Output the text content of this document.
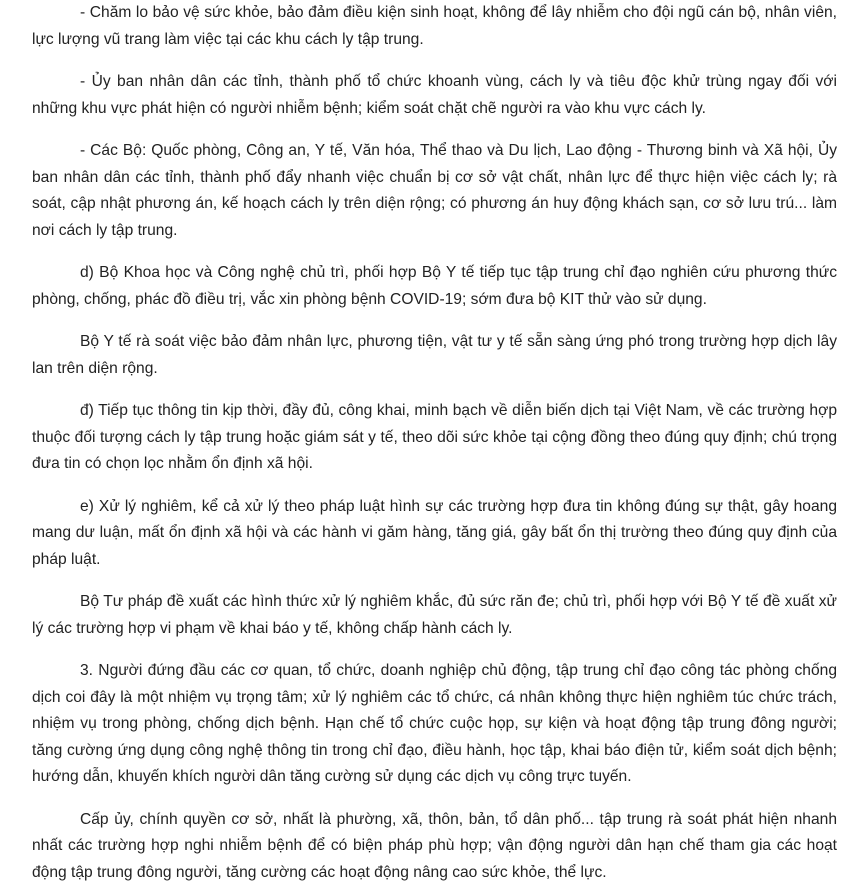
- Chăm lo bảo vệ sức khỏe, bảo đảm điều kiện sinh hoạt, không để lây nhiễm cho đội ngũ cán bộ, nhân viên, lực lượng vũ trang làm việc tại các khu cách ly tập trung.

- Ủy ban nhân dân các tỉnh, thành phố tổ chức khoanh vùng, cách ly và tiêu độc khử trùng ngay đối với những khu vực phát hiện có người nhiễm bệnh; kiểm soát chặt chẽ người ra vào khu vực cách ly.

- Các Bộ: Quốc phòng, Công an, Y tế, Văn hóa, Thể thao và Du lịch, Lao động - Thương binh và Xã hội, Ủy ban nhân dân các tỉnh, thành phố đẩy nhanh việc chuẩn bị cơ sở vật chất, nhân lực để thực hiện việc cách ly; rà soát, cập nhật phương án, kế hoạch cách ly trên diện rộng; có phương án huy động khách sạn, cơ sở lưu trú... làm nơi cách ly tập trung.

d) Bộ Khoa học và Công nghệ chủ trì, phối hợp Bộ Y tế tiếp tục tập trung chỉ đạo nghiên cứu phương thức phòng, chống, phác đồ điều trị, vắc xin phòng bệnh COVID-19; sớm đưa bộ KIT thử vào sử dụng.

Bộ Y tế rà soát việc bảo đảm nhân lực, phương tiện, vật tư y tế sẵn sàng ứng phó trong trường hợp dịch lây lan trên diện rộng.

đ) Tiếp tục thông tin kịp thời, đầy đủ, công khai, minh bạch về diễn biến dịch tại Việt Nam, về các trường hợp thuộc đối tượng cách ly tập trung hoặc giám sát y tế, theo dõi sức khỏe tại cộng đồng theo đúng quy định; chú trọng đưa tin có chọn lọc nhằm ổn định xã hội.

e) Xử lý nghiêm, kể cả xử lý theo pháp luật hình sự các trường hợp đưa tin không đúng sự thật, gây hoang mang dư luận, mất ổn định xã hội và các hành vi găm hàng, tăng giá, gây bất ổn thị trường theo đúng quy định của pháp luật.

Bộ Tư pháp đề xuất các hình thức xử lý nghiêm khắc, đủ sức răn đe; chủ trì, phối hợp với Bộ Y tế đề xuất xử lý các trường hợp vi phạm về khai báo y tế, không chấp hành cách ly.

3. Người đứng đầu các cơ quan, tổ chức, doanh nghiệp chủ động, tập trung chỉ đạo công tác phòng chống dịch coi đây là một nhiệm vụ trọng tâm; xử lý nghiêm các tổ chức, cá nhân không thực hiện nghiêm túc chức trách, nhiệm vụ trong phòng, chống dịch bệnh. Hạn chế tổ chức cuộc họp, sự kiện và hoạt động tập trung đông người; tăng cường ứng dụng công nghệ thông tin trong chỉ đạo, điều hành, học tập, khai báo điện tử, kiểm soát dịch bệnh; hướng dẫn, khuyến khích người dân tăng cường sử dụng các dịch vụ công trực tuyến.

Cấp ủy, chính quyền cơ sở, nhất là phường, xã, thôn, bản, tổ dân phố... tập trung rà soát phát hiện nhanh nhất các trường hợp nghi nhiễm bệnh để có biện pháp phù hợp; vận động người dân hạn chế tham gia các hoạt động tập trung đông người, tăng cường các hoạt động nâng cao sức khỏe, thể lực.
